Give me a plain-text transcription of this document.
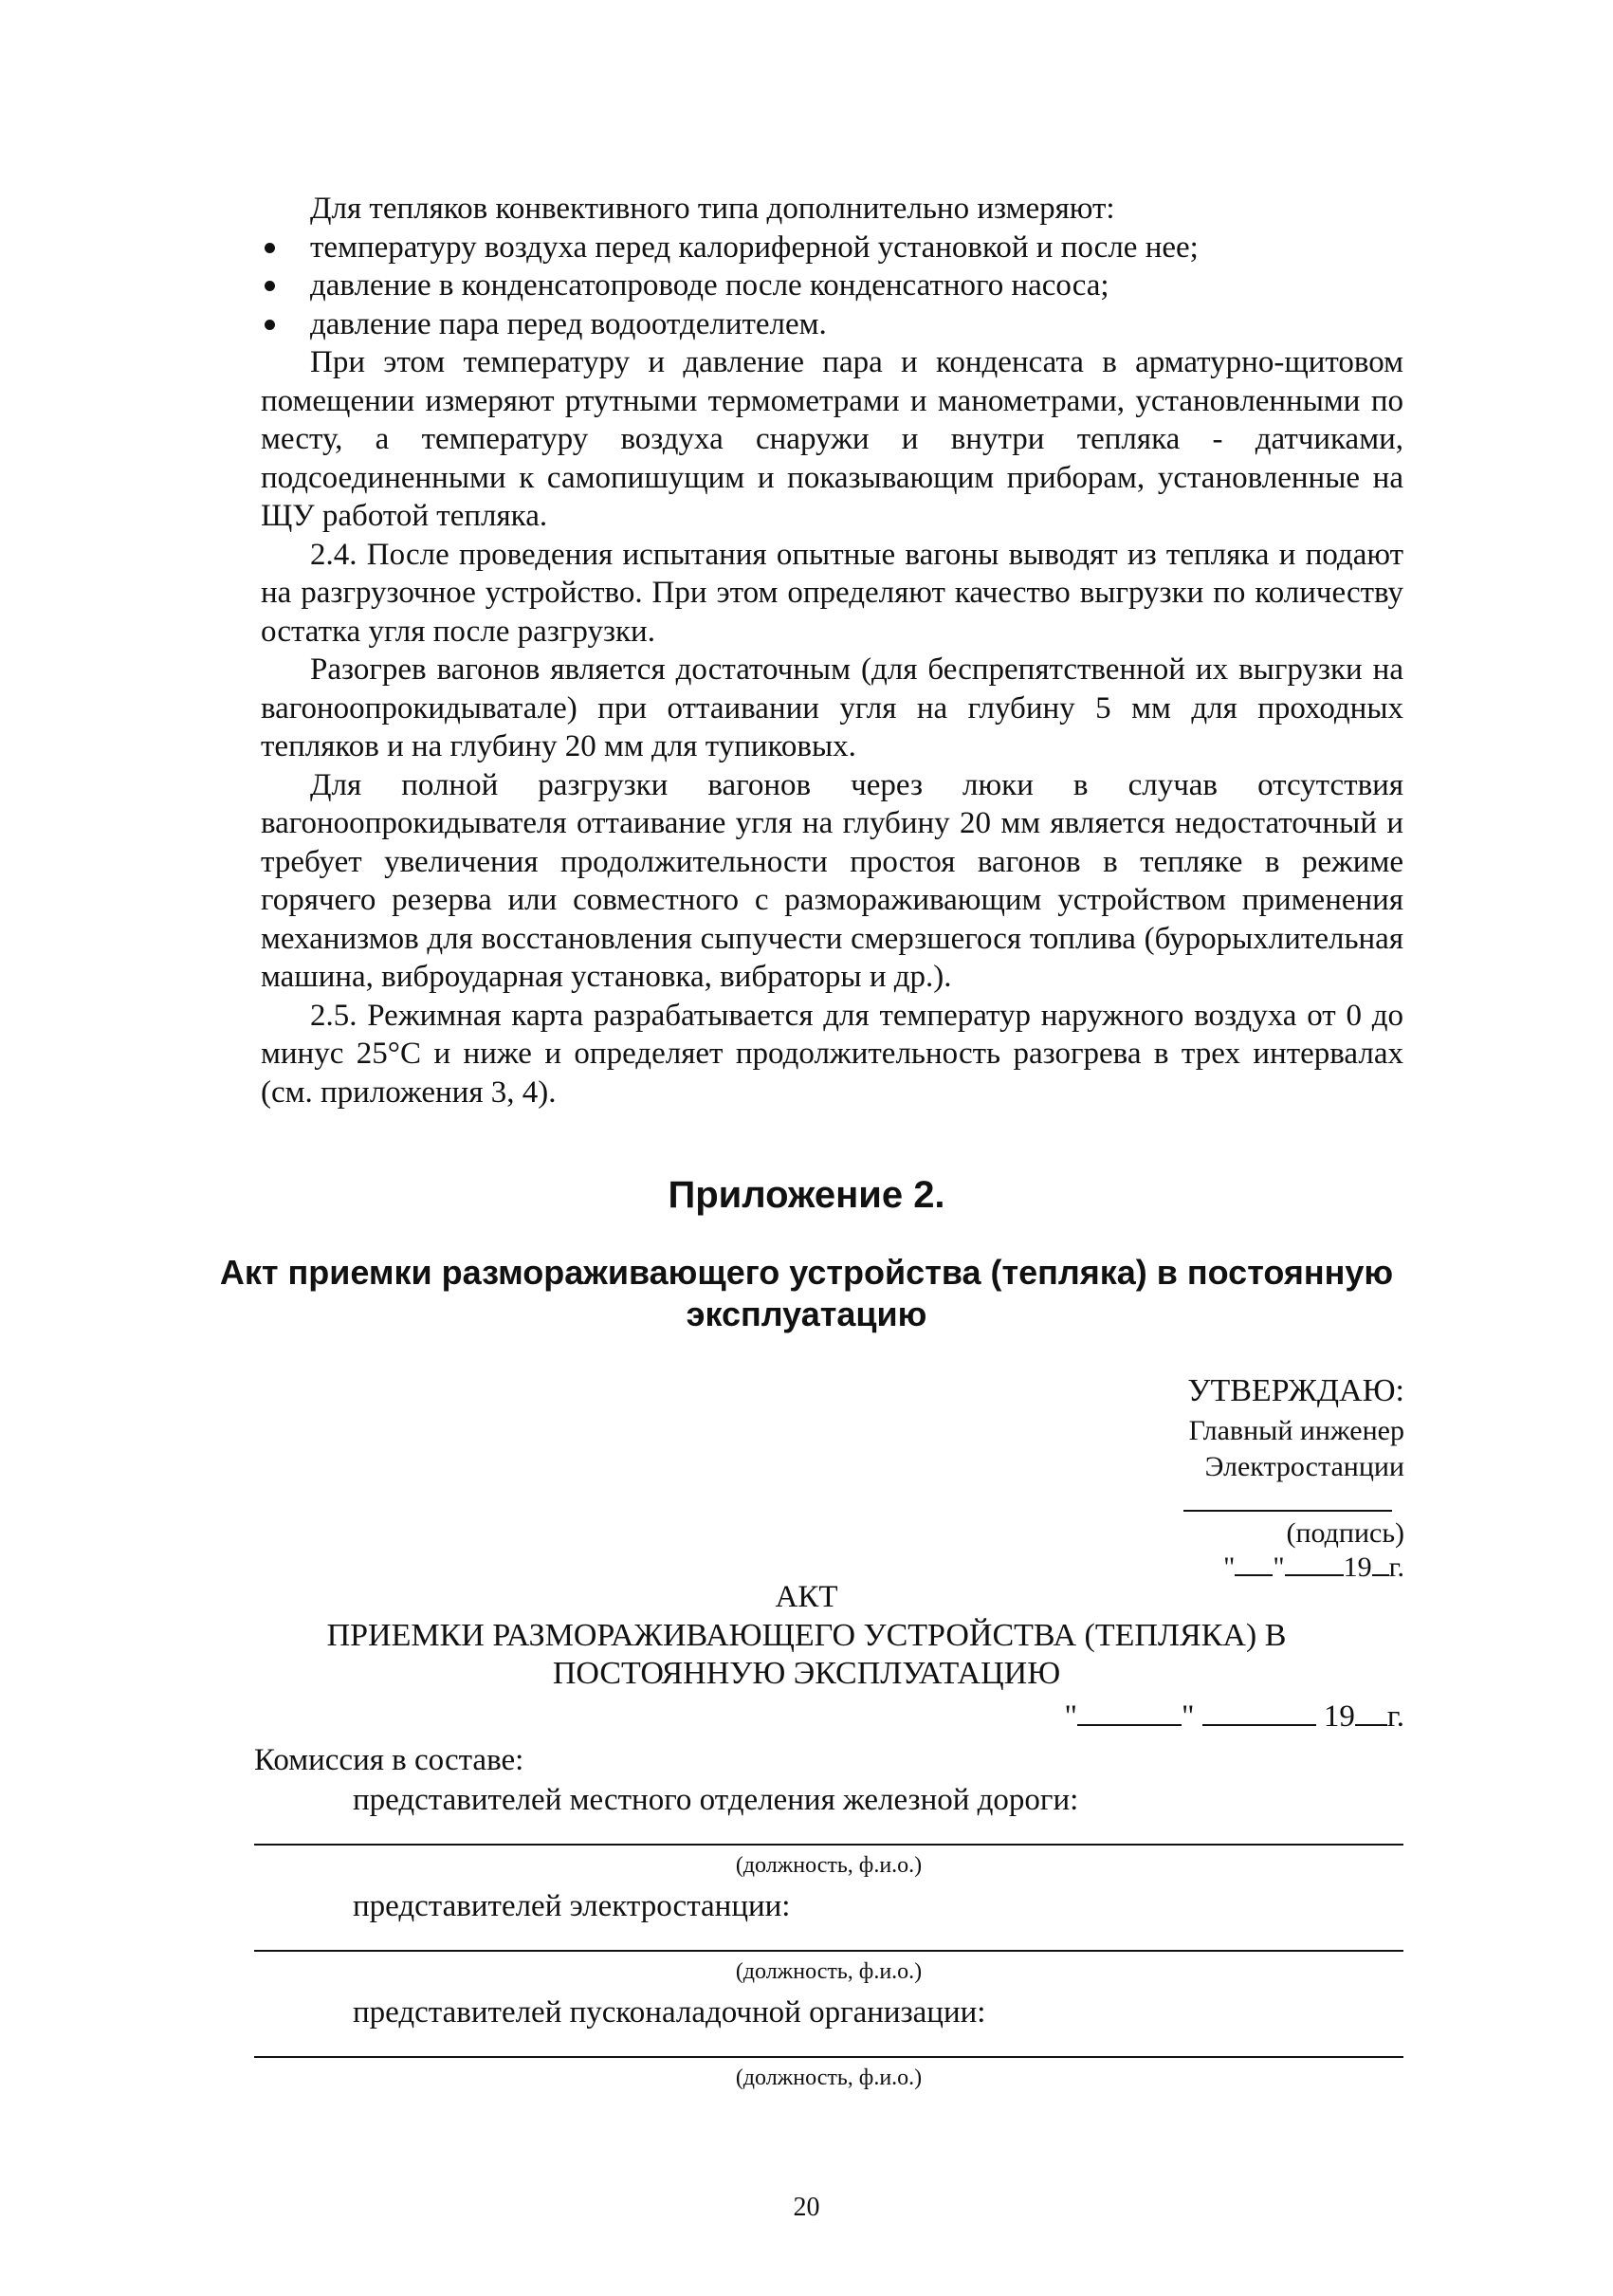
Для тепляков конвективного типа дополнительно измеряют:

температуру воздуха перед калориферной установкой и после нее;
давление в конденсатопроводе после конденсатного насоса;
давление пара перед водоотделителем.

При этом температуру и давление пара и конденсата в арматурно-щитовом помещении измеряют ртутными термометрами и манометрами, установленными по месту, а температуру воздуха снаружи и внутри тепляка - датчиками, подсоединенными к самопишущим и показывающим приборам, установленные на ЩУ работой тепляка.

2.4. После проведения испытания опытные вагоны выводят из тепляка и подают на разгрузочное устройство. При этом определяют качество выгрузки по количеству остатка угля после разгрузки.

Разогрев вагонов является достаточным (для беспрепятственной их выгрузки на вагоноопрокидыватале) при оттаивании угля на глубину 5 мм для проходных тепляков и на глубину 20 мм для тупиковых.

Для полной разгрузки вагонов через люки в случав отсутствия вагоноопрокидывателя оттаивание угля на глубину 20 мм является недостаточный и требует увеличения продолжительности простоя вагонов в тепляке в режиме горячего резерва или совместного с размораживающим устройством применения механизмов для восстановления сыпучести смерзшегося топлива (буроpыхлительная машина, виброударная установка, вибраторы и др.).

2.5. Режимная карта разрабатывается для температур наружного воздуха от 0 до минус 25°С и ниже и определяет продолжительность разогрева в трех интервалах (см. приложения 3, 4).

Приложение 2.
Акт приемки размораживающего устройства (тепляка) в постоянную
эксплуатацию
УТВЕРЖДАЮ:
Главный инженер
Электростанции
(подпись)
" " 19 г.
АКТ
ПРИЕМКИ РАЗМОРАЖИВАЮЩЕГО УСТРОЙСТВА (ТЕПЛЯКА) В
ПОСТОЯННУЮ ЭКСПЛУАТАЦИЮ
"	"	19 г.
Комиссия в составе:
представителей местного отделения железной дороги:
(должность, ф.и.о.)
представителей электростанции:
(должность, ф.и.о.)
представителей пусконаладочной организации:
(должность, ф.и.о.)
20
